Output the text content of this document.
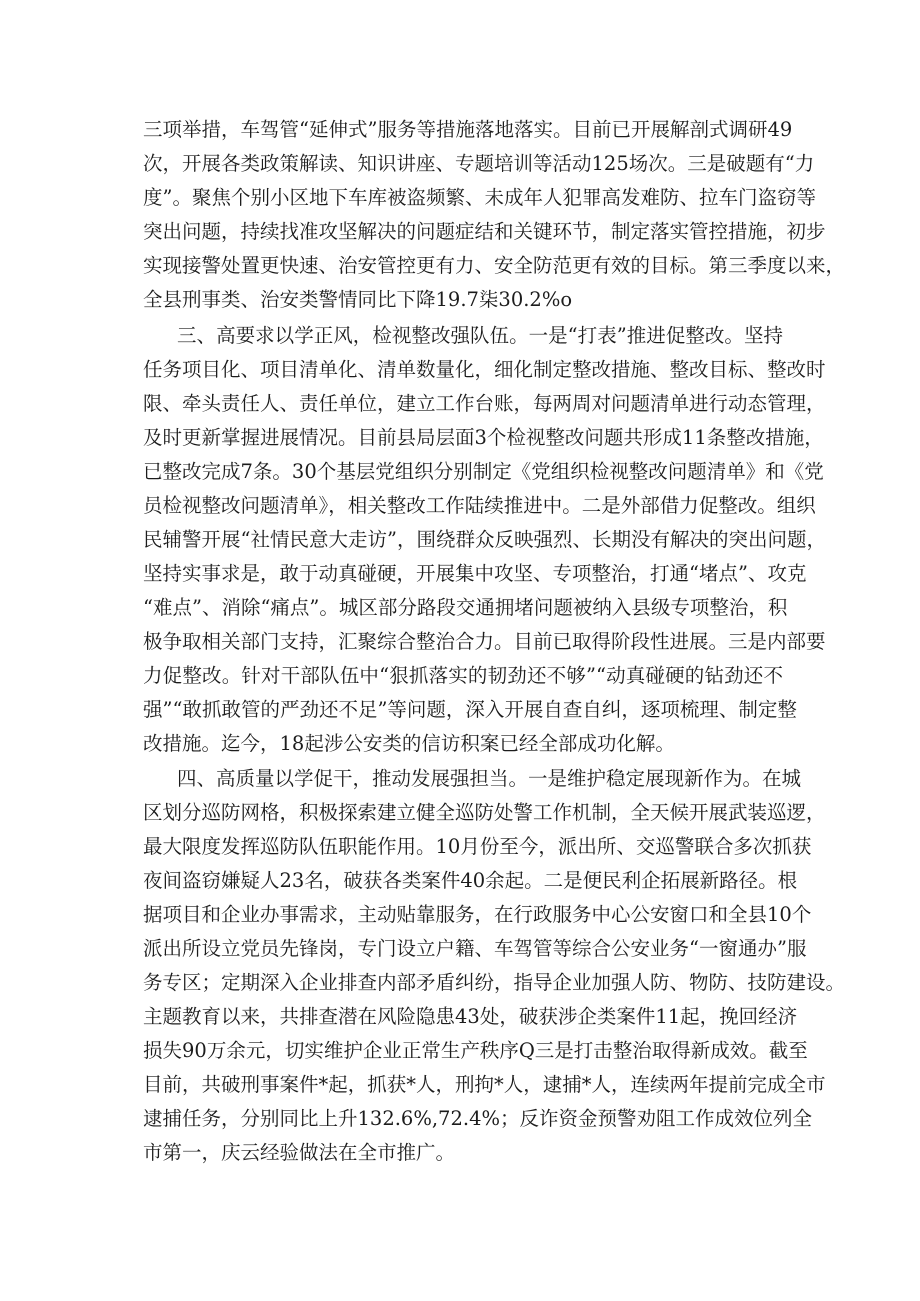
三项举措，车驾管“延伸式”服务等措施落地落实。目前已开展解剖式调研49
次，开展各类政策解读、知识讲座、专题培训等活动125场次。三是破题有“力
度”。聚焦个别小区地下车库被盗频繁、未成年人犯罪高发难防、拉车门盗窃等
突出问题，持续找准攻坚解决的问题症结和关键环节，制定落实管控措施，初步
实现接警处置更快速、治安管控更有力、安全防范更有效的目标。第三季度以来，
全县刑事类、治安类警情同比下降19.7柒30.2%o
三、高要求以学正风，检视整改强队伍。一是“打表”推进促整改。坚持
任务项目化、项目清单化、清单数量化，细化制定整改措施、整改目标、整改时
限、牵头责任人、责任单位，建立工作台账，每两周对问题清单进行动态管理，
及时更新掌握进展情况。目前县局层面3个检视整改问题共形成11条整改措施，
已整改完成7条。30个基层党组织分别制定《党组织检视整改问题清单》和《党
员检视整改问题清单》，相关整改工作陆续推进中。二是外部借力促整改。组织
民辅警开展“社情民意大走访”，围绕群众反映强烈、长期没有解决的突出问题，
坚持实事求是，敢于动真碰硬，开展集中攻坚、专项整治，打通“堵点”、攻克
“难点”、消除“痛点”。城区部分路段交通拥堵问题被纳入县级专项整治，积
极争取相关部门支持，汇聚综合整治合力。目前已取得阶段性进展。三是内部要
力促整改。针对干部队伍中“狠抓落实的韧劲还不够”“动真碰硬的钻劲还不
强”“敢抓敢管的严劲还不足”等问题，深入开展自查自纠，逐项梳理、制定整
改措施。迄今，18起涉公安类的信访积案已经全部成功化解。
四、高质量以学促干，推动发展强担当。一是维护稳定展现新作为。在城
区划分巡防网格，积极探索建立健全巡防处警工作机制，全天候开展武装巡逻，
最大限度发挥巡防队伍职能作用。10月份至今，派出所、交巡警联合多次抓获
夜间盗窃嫌疑人23名，破获各类案件40余起。二是便民利企拓展新路径。根
据项目和企业办事需求，主动贴靠服务，在行政服务中心公安窗口和全县10个
派出所设立党员先锋岗，专门设立户籍、车驾管等综合公安业务“一窗通办”服
务专区；定期深入企业排查内部矛盾纠纷，指导企业加强人防、物防、技防建设。
主题教育以来，共排查潜在风险隐患43处，破获涉企类案件11起，挽回经济
损失90万余元，切实维护企业正常生产秩序Q三是打击整治取得新成效。截至
目前，共破刑事案件*起，抓获*人，刑拘*人，逮捕*人，连续两年提前完成全市
逮捕任务，分别同比上升132.6%,72.4%；反诈资金预警劝阻工作成效位列全
市第一，庆云经验做法在全市推广。
